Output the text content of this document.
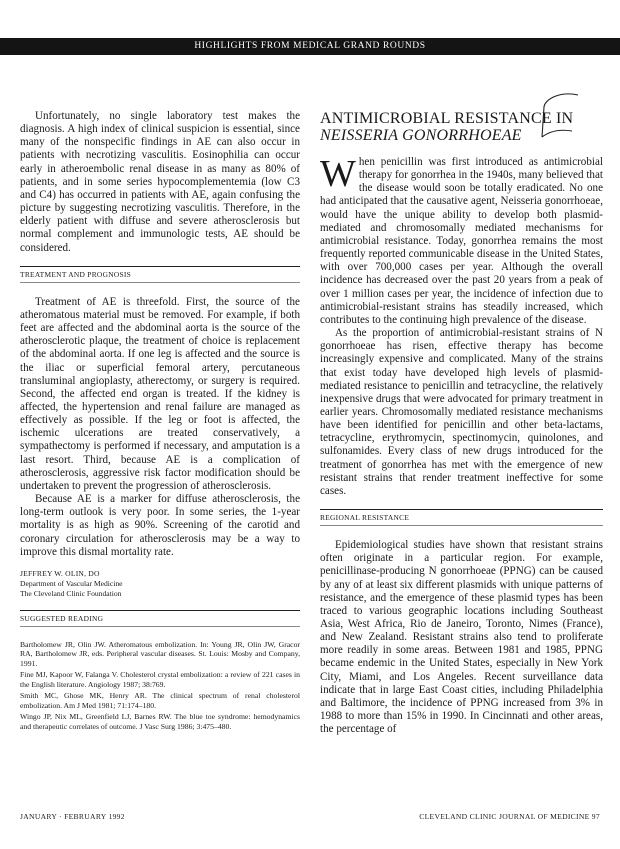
HIGHLIGHTS FROM MEDICAL GRAND ROUNDS

Unfortunately, no single laboratory test makes the diagnosis. A high index of clinical suspicion is essential, since many of the nonspecific findings in AE can also occur in patients with necrotizing vasculitis. Eosinophilia can occur early in atheroembolic renal disease in as many as 80% of patients, and in some series hypocomplementemia (low C3 and C4) has occurred in patients with AE, again confusing the picture by suggesting necrotizing vasculitis. Therefore, in the elderly patient with diffuse and severe atherosclerosis but normal complement and immunologic tests, AE should be considered.

TREATMENT AND PROGNOSIS

Treatment of AE is threefold. First, the source of the atheromatous material must be removed. For example, if both feet are affected and the abdominal aorta is the source of the atherosclerotic plaque, the treatment of choice is replacement of the abdominal aorta. If one leg is affected and the source is the iliac or superficial femoral artery, percutaneous transluminal angioplasty, atherectomy, or surgery is required. Second, the affected end organ is treated. If the kidney is affected, the hypertension and renal failure are managed as effectively as possible. If the leg or foot is affected, the ischemic ulcerations are treated conservatively, a sympathectomy is performed if necessary, and amputation is a last resort. Third, because AE is a complication of atherosclerosis, aggressive risk factor modification should be undertaken to prevent the progression of atherosclerosis.

Because AE is a marker for diffuse atherosclerosis, the long-term outlook is very poor. In some series, the 1-year mortality is as high as 90%. Screening of the carotid and coronary circulation for atherosclerosis may be a way to improve this dismal mortality rate.

JEFFREY W. OLIN, DO
Department of Vascular Medicine
The Cleveland Clinic Foundation
SUGGESTED READING
Bartholomew JR, Olin JW. Atheromatous embolization. In: Young JR, Olin JW, Gracor RA, Bartholomew JR, eds. Peripheral vascular diseases. St. Louis: Mosby and Company, 1991.
Fine MJ, Kapoor W, Falanga V. Cholesterol crystal embolization: a review of 221 cases in the English literature. Angiology 1987; 38:769.
Smith MC, Ghose MK, Henry AR. The clinical spectrum of renal cholesterol embolization. Am J Med 1981; 71:174–180.
Wingo JP, Nix ML, Greenfield LJ, Barnes RW. The blue toe syndrome: hemodynamics and therapeutic correlates of outcome. J Vasc Surg 1986; 3:475–480.
ANTIMICROBIAL RESISTANCE IN
NEISSERIA GONORRHOEAE
W hen penicillin was first introduced as antimicrobial therapy for gonorrhea in the 1940s, many believed that the disease would soon be totally eradicated. No one had anticipated that the causative agent, Neisseria gonorrhoeae, would have the unique ability to develop both plasmid-mediated and chromosomally mediated mechanisms for antimicrobial resistance. Today, gonorrhea remains the most frequently reported communicable disease in the United States, with over 700,000 cases per year. Although the overall incidence has decreased over the past 20 years from a peak of over 1 million cases per year, the incidence of infection due to antimicrobial-resistant strains has steadily increased, which contributes to the continuing high prevalence of the disease.

As the proportion of antimicrobial-resistant strains of N gonorrhoeae has risen, effective therapy has become increasingly expensive and complicated. Many of the strains that exist today have developed high levels of plasmid-mediated resistance to penicillin and tetracycline, the relatively inexpensive drugs that were advocated for primary treatment in earlier years. Chromosomally mediated resistance mechanisms have been identified for penicillin and other beta-lactams, tetracycline, erythromycin, spectinomycin, quinolones, and sulfonamides. Every class of new drugs introduced for the treatment of gonorrhea has met with the emergence of new resistant strains that render treatment ineffective for some cases.

REGIONAL RESISTANCE

Epidemiological studies have shown that resistant strains often originate in a particular region. For example, penicillinase-producing N gonorrhoeae (PPNG) can be caused by any of at least six different plasmids with unique patterns of resistance, and the emergence of these plasmid types has been traced to various geographic locations including Southeast Asia, West Africa, Rio de Janeiro, Toronto, Nimes (France), and New Zealand. Resistant strains also tend to proliferate more readily in some areas. Between 1981 and 1985, PPNG became endemic in the United States, especially in New York City, Miami, and Los Angeles. Recent surveillance data indicate that in large East Coast cities, including Philadelphia and Baltimore, the incidence of PPNG increased from 3% in 1988 to more than 15% in 1990. In Cincinnati and other areas, the percentage of

JANUARY · FEBRUARY 1992	CLEVELAND CLINIC JOURNAL OF MEDICINE 97
